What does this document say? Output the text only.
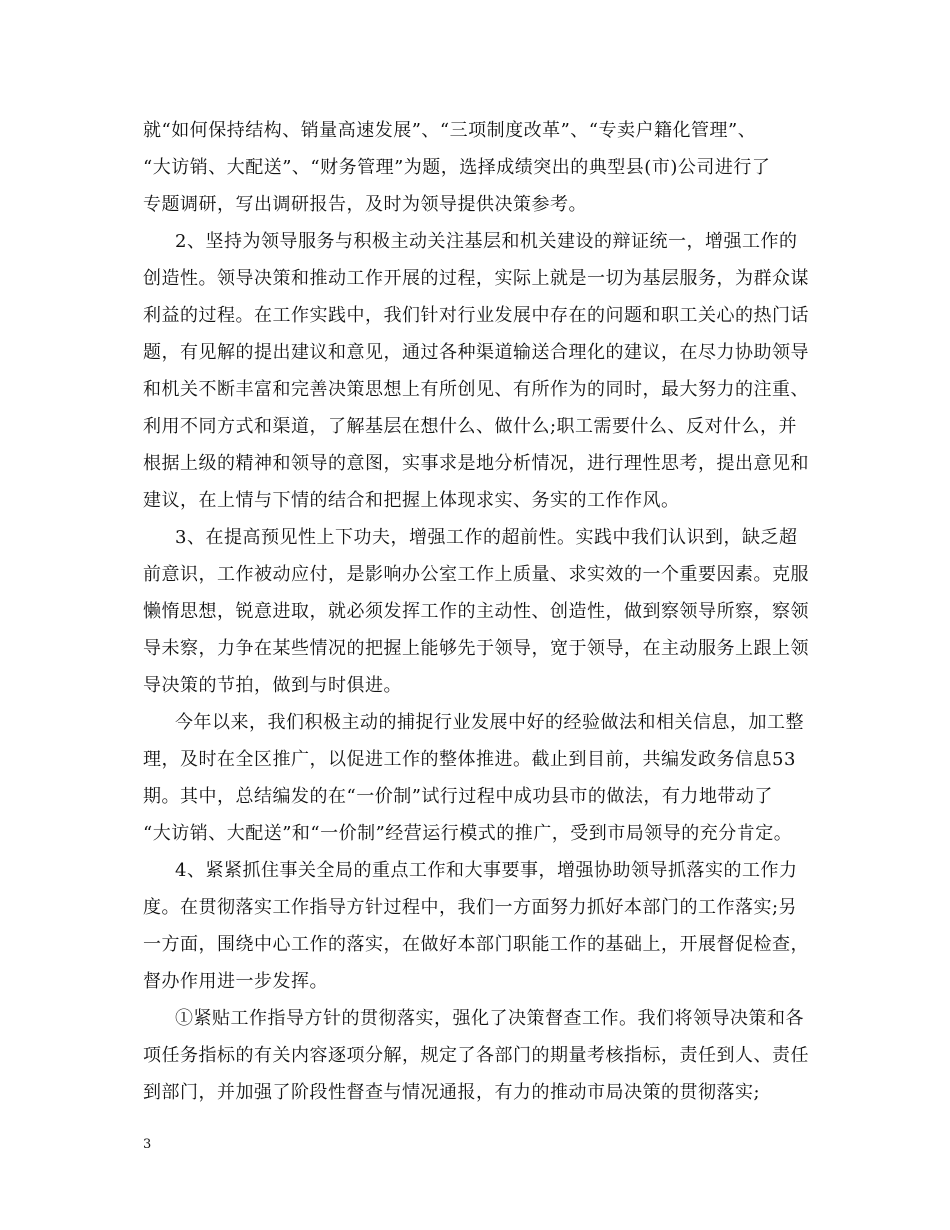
就“如何保持结构、销量高速发展”、“三项制度改革”、“专卖户籍化管理”、
“大访销、大配送”、“财务管理”为题，选择成绩突出的典型县(市)公司进行了
专题调研，写出调研报告，及时为领导提供决策参考。
2、坚持为领导服务与积极主动关注基层和机关建设的辩证统一，增强工作的
创造性。领导决策和推动工作开展的过程，实际上就是一切为基层服务，为群众谋
利益的过程。在工作实践中，我们针对行业发展中存在的问题和职工关心的热门话
题，有见解的提出建议和意见，通过各种渠道输送合理化的建议，在尽力协助领导
和机关不断丰富和完善决策思想上有所创见、有所作为的同时，最大努力的注重、
利用不同方式和渠道，了解基层在想什么、做什么;职工需要什么、反对什么，并
根据上级的精神和领导的意图，实事求是地分析情况，进行理性思考，提出意见和
建议，在上情与下情的结合和把握上体现求实、务实的工作作风。
3、在提高预见性上下功夫，增强工作的超前性。实践中我们认识到，缺乏超
前意识，工作被动应付，是影响办公室工作上质量、求实效的一个重要因素。克服
懒惰思想，锐意进取，就必须发挥工作的主动性、创造性，做到察领导所察，察领
导未察，力争在某些情况的把握上能够先于领导，宽于领导，在主动服务上跟上领
导决策的节拍，做到与时俱进。
今年以来，我们积极主动的捕捉行业发展中好的经验做法和相关信息，加工整
理，及时在全区推广，以促进工作的整体推进。截止到目前，共编发政务信息53
期。其中，总结编发的在“一价制”试行过程中成功县市的做法，有力地带动了
“大访销、大配送”和“一价制”经营运行模式的推广，受到市局领导的充分肯定。
4、紧紧抓住事关全局的重点工作和大事要事，增强协助领导抓落实的工作力
度。在贯彻落实工作指导方针过程中，我们一方面努力抓好本部门的工作落实;另
一方面，围绕中心工作的落实，在做好本部门职能工作的基础上，开展督促检查，
督办作用进一步发挥。
①紧贴工作指导方针的贯彻落实，强化了决策督查工作。我们将领导决策和各
项任务指标的有关内容逐项分解，规定了各部门的期量考核指标，责任到人、责任
到部门，并加强了阶段性督查与情况通报，有力的推动市局决策的贯彻落实;
3
